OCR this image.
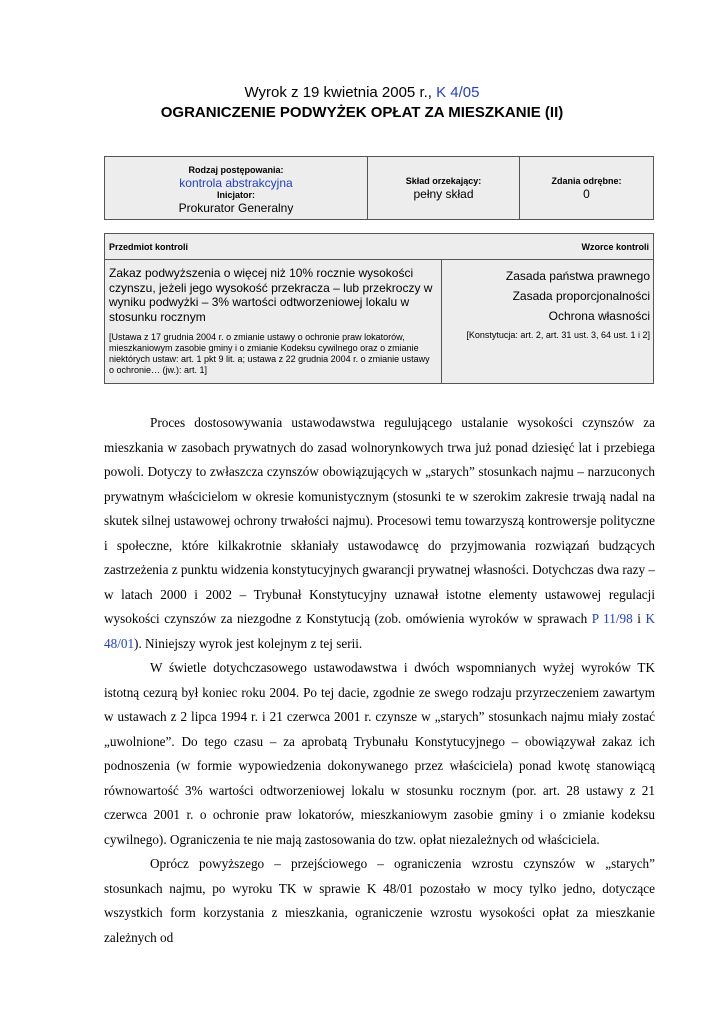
Wyrok z 19 kwietnia 2005 r., K 4/05
OGRANICZENIE PODWYŻEK OPŁAT ZA MIESZKANIE (II)
Rodzaj postępowania:
kontrola abstrakcyjna
Inicjator:
Prokurator Generalny
Skład orzekający:
pełny skład
Zdania odrębne:
0
Przedmiot kontroli	Wzorce kontroli
Zakaz podwyższenia o więcej niż 10% rocznie wysokości czynszu, jeżeli jego wysokość przekracza – lub przekroczy w wyniku podwyżki – 3% wartości odtworzeniowej lokalu w stosunku rocznym
[Ustawa z 17 grudnia 2004 r. o zmianie ustawy o ochronie praw lokatorów, mieszkaniowym zasobie gminy i o zmianie Kodeksu cywilnego oraz o zmianie niektórych ustaw: art. 1 pkt 9 lit. a; ustawa z 22 grudnia 2004 r. o zmianie ustawy o ochronie… (jw.): art. 1]
Zasada państwa prawnego
Zasada proporcjonalności
Ochrona własności
[Konstytucja: art. 2, art. 31 ust. 3, 64 ust. 1 i 2]

Proces dostosowywania ustawodawstwa regulującego ustalanie wysokości czynszów za mieszkania w zasobach prywatnych do zasad wolnorynkowych trwa już ponad dziesięć lat i przebiega powoli. Dotyczy to zwłaszcza czynszów obowiązujących w „starych” stosunkach najmu – narzuconych prywatnym właścicielom w okresie komunistycznym (stosunki te w szerokim zakresie trwają nadal na skutek silnej ustawowej ochrony trwałości najmu). Procesowi temu towarzyszą kontrowersje polityczne i społeczne, które kilkakrotnie skłaniały ustawodawcę do przyjmowania rozwiązań budzących zastrzeżenia z punktu widzenia konstytucyjnych gwarancji prywatnej własności. Dotychczas dwa razy – w latach 2000 i 2002 – Trybunał Konstytucyjny uznawał istotne elementy ustawowej regulacji wysokości czynszów za niezgodne z Konstytucją (zob. omówienia wyroków w sprawach P 11/98 i K 48/01). Niniejszy wyrok jest kolejnym z tej serii.

W świetle dotychczasowego ustawodawstwa i dwóch wspomnianych wyżej wyroków TK istotną cezurą był koniec roku 2004. Po tej dacie, zgodnie ze swego rodzaju przyrzeczeniem zawartym w ustawach z 2 lipca 1994 r. i 21 czerwca 2001 r. czynsze w „starych” stosunkach najmu miały zostać „uwolnione”. Do tego czasu – za aprobatą Trybunału Konstytucyjnego – obowiązywał zakaz ich podnoszenia (w formie wypowiedzenia dokonywanego przez właściciela) ponad kwotę stanowiącą równowartość 3% wartości odtworzeniowej lokalu w stosunku rocznym (por. art. 28 ustawy z 21 czerwca 2001 r. o ochronie praw lokatorów, mieszkaniowym zasobie gminy i o zmianie kodeksu cywilnego). Ograniczenia te nie mają zastosowania do tzw. opłat niezależnych od właściciela.

Oprócz powyższego – przejściowego – ograniczenia wzrostu czynszów w „starych” stosunkach najmu, po wyroku TK w sprawie K 48/01 pozostało w mocy tylko jedno, dotyczące wszystkich form korzystania z mieszkania, ograniczenie wzrostu wysokości opłat za mieszkanie zależnych od
